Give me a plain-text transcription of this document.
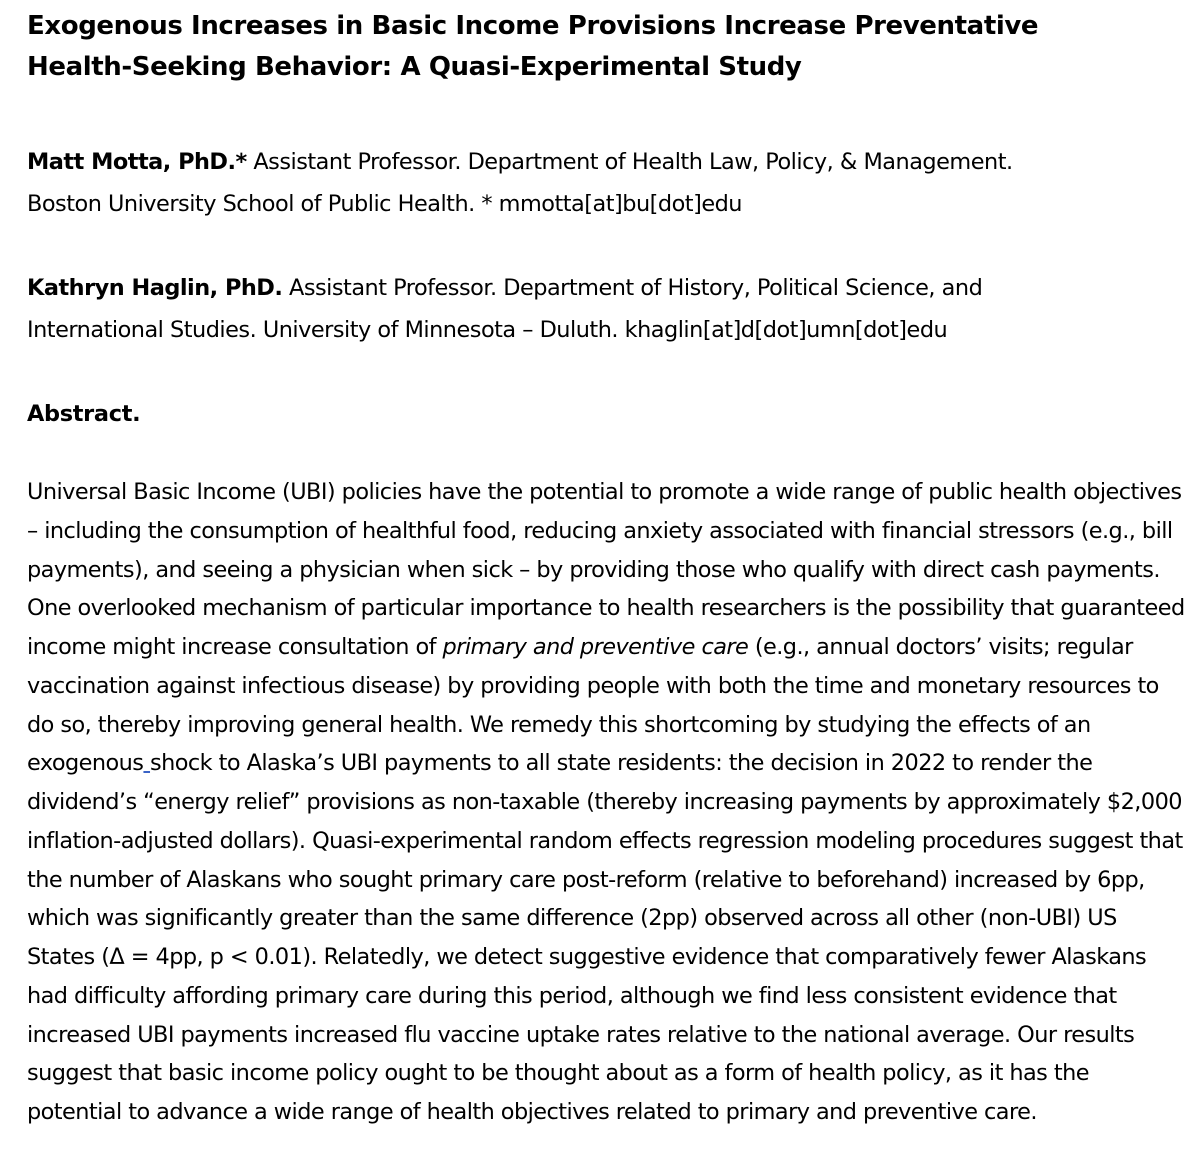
Exogenous Increases in Basic Income Provisions Increase Preventative
Health-Seeking Behavior: A Quasi-Experimental Study

Matt Motta, PhD.* Assistant Professor. Department of Health Law, Policy, & Management.
Boston University School of Public Health. * mmotta[at]bu[dot]edu

Kathryn Haglin, PhD. Assistant Professor. Department of History, Political Science, and
International Studies. University of Minnesota – Duluth. khaglin[at]d[dot]umn[dot]edu

Abstract.

Universal Basic Income (UBI) policies have the potential to promote a wide range of public health objectives – including the consumption of healthful food, reducing anxiety associated with financial stressors (e.g., bill payments), and seeing a physician when sick – by providing those who qualify with direct cash payments. One overlooked mechanism of particular importance to health researchers is the possibility that guaranteed income might increase consultation of primary and preventive care (e.g., annual doctors’ visits; regular vaccination against infectious disease) by providing people with both the time and monetary resources to do so, thereby improving general health. We remedy this shortcoming by studying the effects of an exogenous shock to Alaska’s UBI payments to all state residents: the decision in 2022 to render the dividend’s “energy relief” provisions as non-taxable (thereby increasing payments by approximately $2,000 inflation-adjusted dollars). Quasi-experimental random effects regression modeling procedures suggest that the number of Alaskans who sought primary care post-reform (relative to beforehand) increased by 6pp, which was significantly greater than the same difference (2pp) observed across all other (non-UBI) US States (Δ = 4pp, p < 0.01). Relatedly, we detect suggestive evidence that comparatively fewer Alaskans had difficulty affording primary care during this period, although we find less consistent evidence that increased UBI payments increased flu vaccine uptake rates relative to the national average. Our results suggest that basic income policy ought to be thought about as a form of health policy, as it has the potential to advance a wide range of health objectives related to primary and preventive care.
